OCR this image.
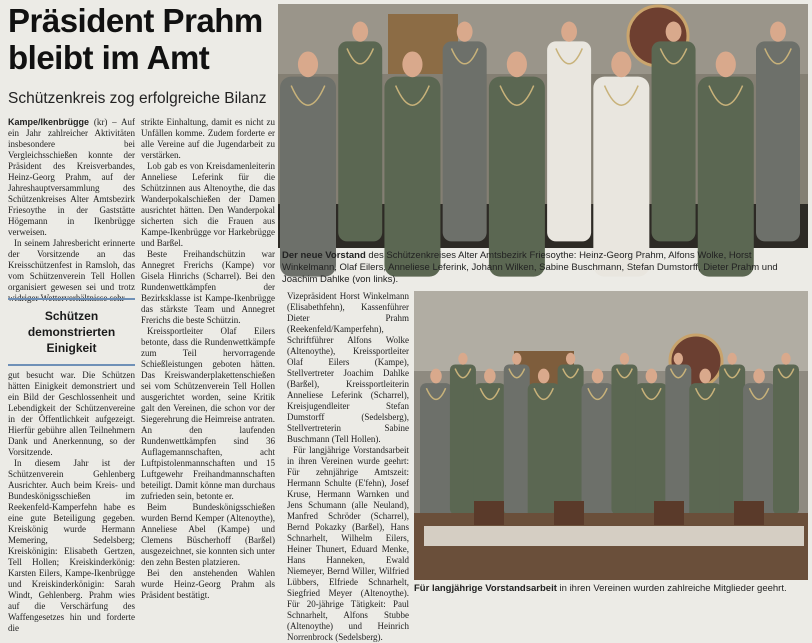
Präsident Prahm bleibt im Amt
Schützenkreis zog erfolgreiche Bilanz

Kampe/Ikenbrügge (kr) – Auf ein Jahr zahlreicher Aktivitäten insbesondere bei Vergleichsschießen konnte der Präsident des Kreisverbandes, Heinz-Georg Prahm, auf der Jahreshauptversammlung des Schützenkreises Alter Amtsbezirk Friesoythe in der Gaststätte Högemann in Ikenbrügge verweisen.

In seinem Jahresbericht erinnerte der Vorsitzende an das Kreisschützenfest in Ramsloh, das vom Schützenverein Tell Hollen organisiert gewesen sei und trotz widriger Wetterverhältnisse sehr

Schützen demonstrierten Einigkeit

gut besucht war. Die Schützen hätten Einigkeit demonstriert und ein Bild der Geschlossenheit und Lebendigkeit der Schützenvereine in der Öffentlichkeit aufgezeigt. Hierfür gebühre allen Teilnehmern Dank und Anerkennung, so der Vorsitzende.

In diesem Jahr ist der Schützenverein Gehlenberg Ausrichter. Auch beim Kreis- und Bundeskönigsschießen im Reekenfeld-Kamperfehn habe es eine gute Beteiligung gegeben. Kreiskönig wurde Hermann Memering, Sedelsberg; Kreiskönigin: Elisabeth Gertzen, Tell Hollen; Kreiskinderkönig: Karsten Eilers, Kampe-Ikenbrügge und Kreiskinderkönigin: Sarah Windt, Gehlenberg. Prahm wies auf die Verschärfung des Waffengesetzes hin und forderte die

strikte Einhaltung, damit es nicht zu Unfällen komme. Zudem forderte er alle Vereine auf die Jugendarbeit zu verstärken.

Lob gab es von Kreisdamenleiterin Anneliese Leferink für die Schützinnen aus Altenoythe, die das Wanderpokalschießen der Damen ausrichtet hätten. Den Wanderpokal sicherten sich die Frauen aus Kampe-Ikenbrügge vor Harkebrügge und Barßel.

Beste Freihandschützin war Annegret Frerichs (Kampe) vor Gisela Hinrichs (Scharrel). Bei den Rundenwettkämpfen der Bezirksklasse ist Kampe-Ikenbrügge das stärkste Team und Annegret Frerichs die beste Schützin.

Kreissportleiter Olaf Eilers betonte, dass die Rundenwettkämpfe zum Teil hervorragende Schießleistungen geboten hätten. Das Kreiswanderplakettenschießen sei vom Schützenverein Tell Hollen ausgerichtet worden, seine Kritik galt den Vereinen, die schon vor der Siegerehrung die Heimreise antraten. An den laufenden Rundenwettkämpfen sind 36 Auflagemannschaften, acht Luftpistolenmannschaften und 15 Luftgewehr Freihandmannschaften beteiligt. Damit könne man durchaus zufrieden sein, betonte er.

Beim Bundeskönigsschießen wurden Bernd Kemper (Altenoythe), Anneliese Abel (Kampe) und Clemens Büscherhoff (Barßel) ausgezeichnet, sie konnten sich unter den zehn Besten platzieren.

Bei den anstehenden Wahlen wurde Heinz-Georg Prahm als Präsident bestätigt.

Vizepräsident Horst Winkelmann (Elisabethfehn), Kassenführer Dieter Prahm (Reekenfeld/Kamperfehn), Schriftführer Alfons Wolke (Altenoythe), Kreissportleiter Olaf Eilers (Kampe), Stellvertreter Joachim Dahlke (Barßel), Kreissportleiterin Anneliese Leferink (Scharrel), Kreisjugendleiter Stefan Dumstorff (Sedelsberg), Stellvertreterin Sabine Buschmann (Tell Hollen).

Für langjährige Vorstandsarbeit in ihren Vereinen wurde geehrt: Für zehnjährige Amtszeit: Hermann Schulte (E'fehn), Josef Kruse, Hermann Warnken und Jens Schumann (alle Neuland), Manfred Schröder (Scharrel), Bernd Pokazky (Barßel), Hans Schnarhelt, Wilhelm Eilers, Heiner Thunert, Eduard Menke, Hans Hanneken, Ewald Niemeyer, Bernd Willer, Wilfried Lübbers, Elfriede Schnarhelt, Siegfried Meyer (Altenoythe). Für 20-jährige Tätigkeit: Paul Schnarhelt, Alfons Stubbe (Altenoythe) und Heinrich Norrenbrock (Sedelsberg).

Der neue Vorstand des Schützenkreises Alter Amtsbezirk Friesoythe: Heinz-Georg Prahm, Alfons Wolke, Horst Winkelmann, Olaf Eilers, Anneliese Leferink, Johann Wilken, Sabine Buschmann, Stefan Dumstorff, Dieter Prahm und Joachim Dahlke (von links).
Für langjährige Vorstandsarbeit in ihren Vereinen wurden zahlreiche Mitglieder geehrt.
